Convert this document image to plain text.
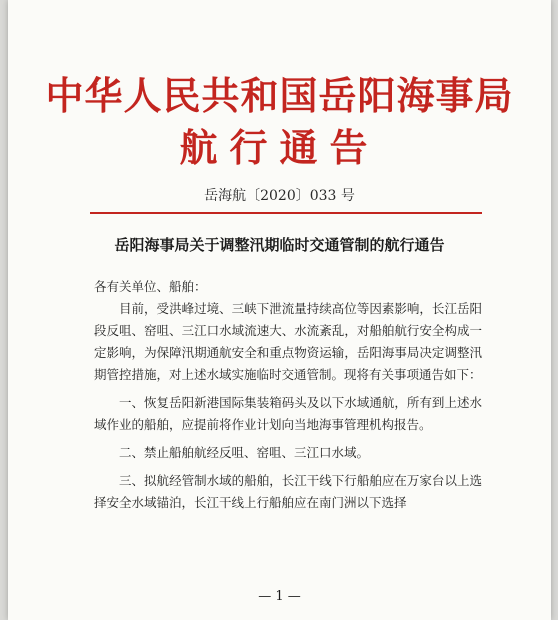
中华人民共和国岳阳海事局
航行通告
岳海航〔2020〕033 号
岳阳海事局关于调整汛期临时交通管制的航行通告

各有关单位、船舶：

目前，受洪峰过境、三峡下泄流量持续高位等因素影响，长江岳阳段反咀、窑咀、三江口水域流速大、水流紊乱，对船舶航行安全构成一定影响，为保障汛期通航安全和重点物资运输，岳阳海事局决定调整汛期管控措施，对上述水域实施临时交通管制。现将有关事项通告如下：

一、恢复岳阳新港国际集装箱码头及以下水域通航，所有到上述水域作业的船舶，应提前将作业计划向当地海事管理机构报告。

二、禁止船舶航经反咀、窑咀、三江口水域。

三、拟航经管制水域的船舶，长江干线下行船舶应在万家台以上选择安全水域锚泊，长江干线上行船舶应在南门洲以下选择

— 1 —
